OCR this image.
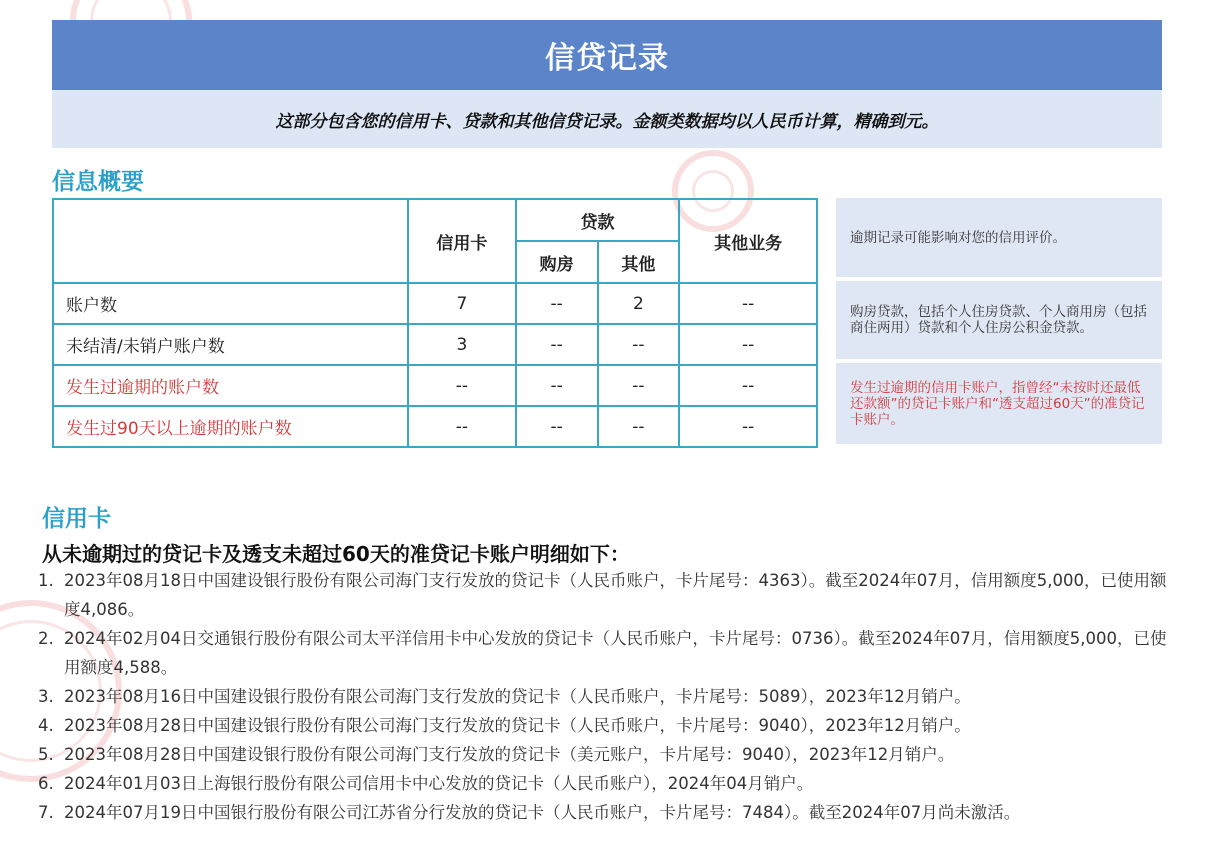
信贷记录
这部分包含您的信用卡、贷款和其他信贷记录。金额类数据均以人民币计算，精确到元。
信息概要
	信用卡	贷款		其他业务
		购房	其他	
账户数	7	--	2	--
未结清/未销户账户数	3	--	--	--
发生过逾期的账户数	--	--	--	--
发生过90天以上逾期的账户数	--	--	--	--
逾期记录可能影响对您的信用评价。
购房贷款，包括个人住房贷款、个人商用房（包括商住两用）贷款和个人住房公积金贷款。
发生过逾期的信用卡账户，指曾经“未按时还最低还款额”的贷记卡账户和“透支超过60天”的准贷记卡账户。
信用卡
从未逾期过的贷记卡及透支未超过60天的准贷记卡账户明细如下：
1. 2023年08月18日中国建设银行股份有限公司海门支行发放的贷记卡（人民币账户，卡片尾号：4363）。截至2024年07月，信用额度5,000，已使用额度4,086。
2. 2024年02月04日交通银行股份有限公司太平洋信用卡中心发放的贷记卡（人民币账户，卡片尾号：0736）。截至2024年07月，信用额度5,000，已使用额度4,588。
3. 2023年08月16日中国建设银行股份有限公司海门支行发放的贷记卡（人民币账户，卡片尾号：5089），2023年12月销户。
4. 2023年08月28日中国建设银行股份有限公司海门支行发放的贷记卡（人民币账户，卡片尾号：9040），2023年12月销户。
5. 2023年08月28日中国建设银行股份有限公司海门支行发放的贷记卡（美元账户，卡片尾号：9040），2023年12月销户。
6. 2024年01月03日上海银行股份有限公司信用卡中心发放的贷记卡（人民币账户），2024年04月销户。
7. 2024年07月19日中国银行股份有限公司江苏省分行发放的贷记卡（人民币账户，卡片尾号：7484）。截至2024年07月尚未激活。
